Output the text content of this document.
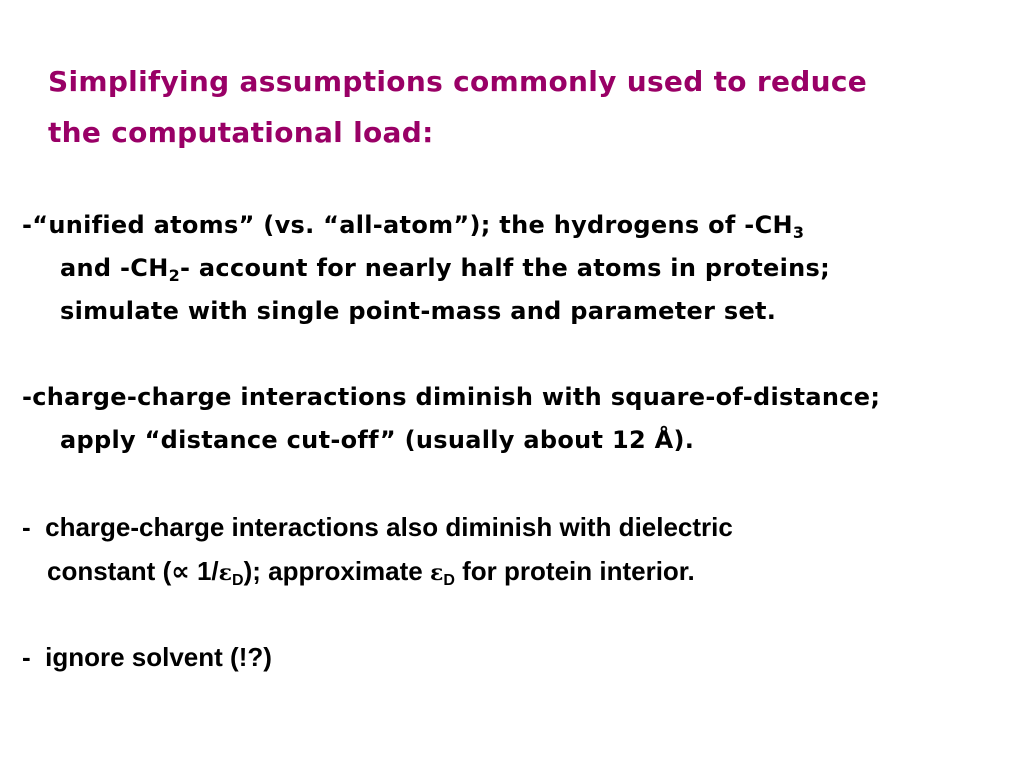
Simplifying assumptions commonly used to reduce
the computational load:
-“unified atoms” (vs. “all-atom”); the hydrogens of $-CH_3$
and $-CH_2-$ account for nearly half the atoms in proteins;
simulate with single point-mass and parameter set.
-charge-charge interactions diminish with square-of-distance;
apply “distance cut-off” (usually about 12 Å).
-  charge-charge interactions also diminish with dielectric
constant (∝ $1/\varepsilon_D$); approximate $\varepsilon_D$ for protein interior.
-  ignore solvent (!?)
